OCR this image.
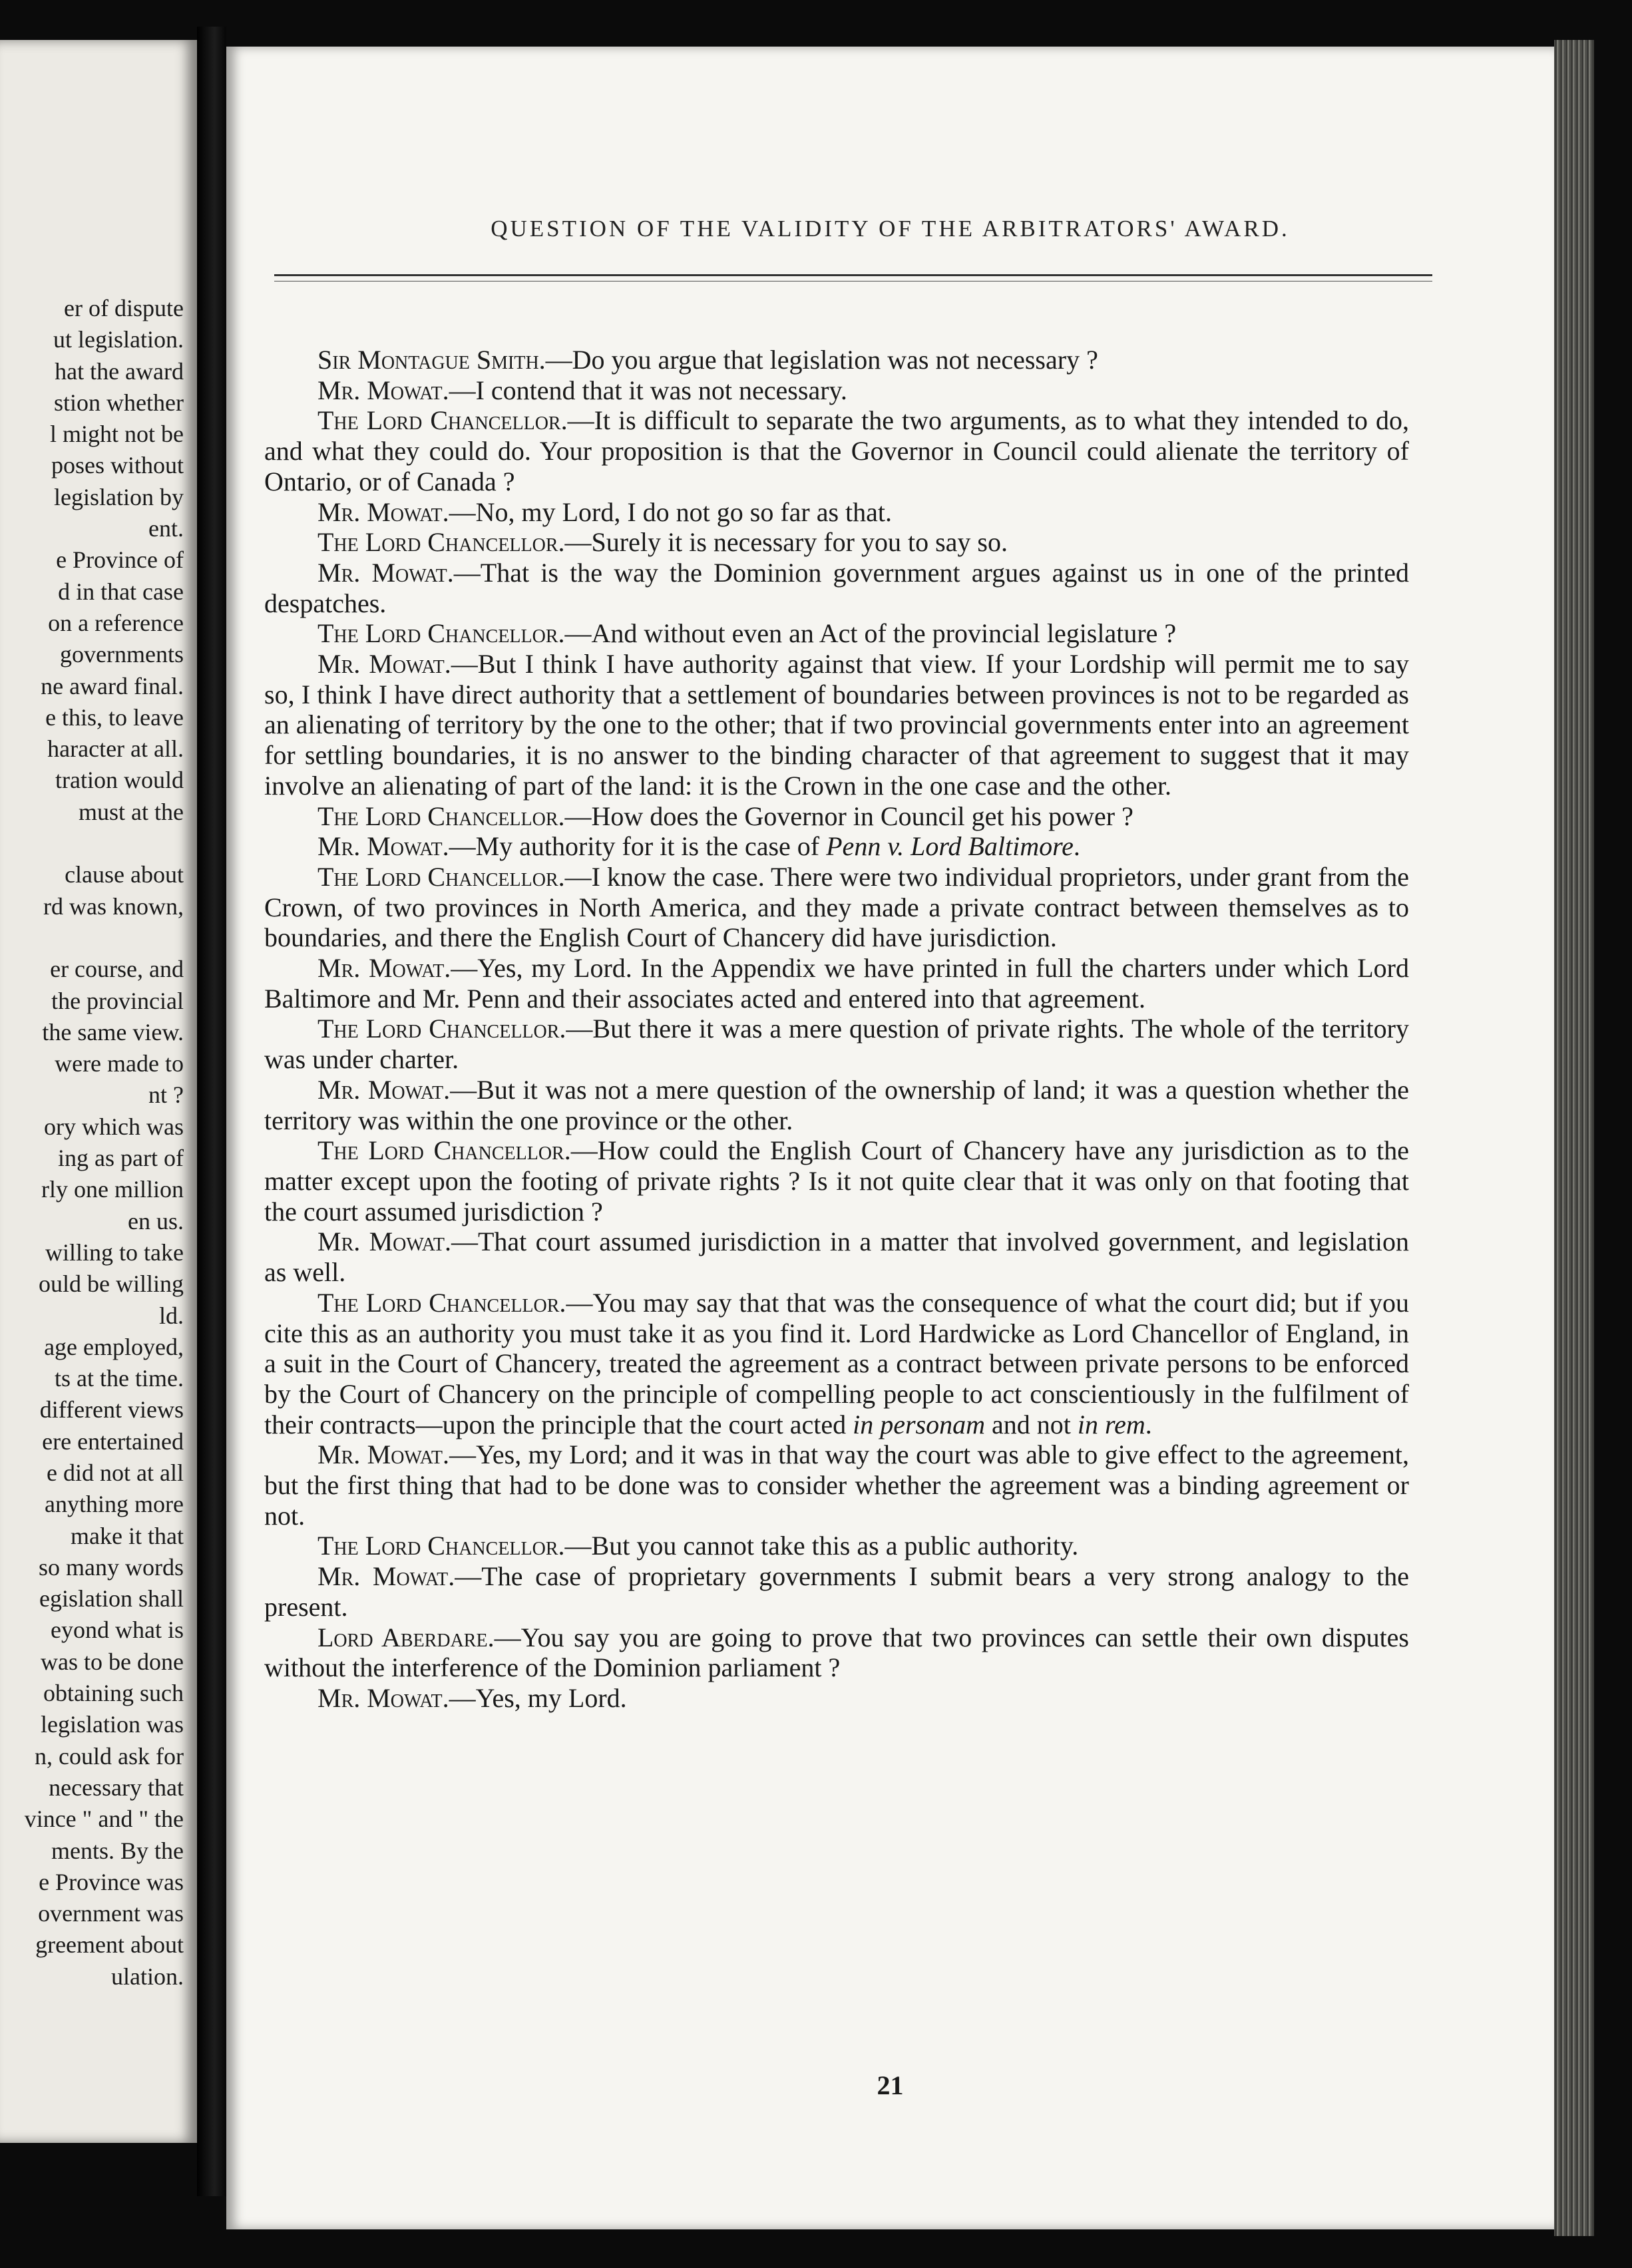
er of dispute
ut legislation.
hat the award
stion whether
l might not be
poses without
legislation by
ent.
e Province of
d in that case
on a reference
governments
ne award final.
e this, to leave
haracter at all.
tration would
must at the

clause about
rd was known,

er course, and
the provincial
the same view.
were made to
nt ?
ory which was
ing as part of
rly one million
en us.
willing to take
ould be willing
ld.
age employed,
ts at the time.
different views
ere entertained
e did not at all
anything more
make it that
so many words
egislation shall
eyond what is
was to be done
obtaining such
legislation was
n, could ask for
necessary that
vince " and " the
ments. By the
e Province was
overnment was
greement about
ulation.
QUESTION OF THE VALIDITY OF THE ARBITRATORS' AWARD.

Sir Montague Smith.—Do you argue that legislation was not necessary ?

Mr. Mowat.—I contend that it was not necessary.

The Lord Chancellor.—It is difficult to separate the two arguments, as to what they intended to do, and what they could do. Your proposition is that the Governor in Council could alienate the territory of Ontario, or of Canada ?

Mr. Mowat.—No, my Lord, I do not go so far as that.

The Lord Chancellor.—Surely it is necessary for you to say so.

Mr. Mowat.—That is the way the Dominion government argues against us in one of the printed despatches.

The Lord Chancellor.—And without even an Act of the provincial legislature ?

Mr. Mowat.—But I think I have authority against that view. If your Lordship will permit me to say so, I think I have direct authority that a settlement of boundaries between provinces is not to be regarded as an alienating of territory by the one to the other; that if two provincial governments enter into an agreement for settling boundaries, it is no answer to the binding character of that agreement to suggest that it may involve an alienating of part of the land: it is the Crown in the one case and the other.

The Lord Chancellor.—How does the Governor in Council get his power ?

Mr. Mowat.—My authority for it is the case of Penn v. Lord Baltimore.

The Lord Chancellor.—I know the case. There were two individual proprietors, under grant from the Crown, of two provinces in North America, and they made a private contract between themselves as to boundaries, and there the English Court of Chancery did have jurisdiction.

Mr. Mowat.—Yes, my Lord. In the Appendix we have printed in full the charters under which Lord Baltimore and Mr. Penn and their associates acted and entered into that agreement.

The Lord Chancellor.—But there it was a mere question of private rights. The whole of the territory was under charter.

Mr. Mowat.—But it was not a mere question of the ownership of land; it was a question whether the territory was within the one province or the other.

The Lord Chancellor.—How could the English Court of Chancery have any jurisdiction as to the matter except upon the footing of private rights ? Is it not quite clear that it was only on that footing that the court assumed jurisdiction ?

Mr. Mowat.—That court assumed jurisdiction in a matter that involved government, and legislation as well.

The Lord Chancellor.—You may say that that was the consequence of what the court did; but if you cite this as an authority you must take it as you find it. Lord Hardwicke as Lord Chancellor of England, in a suit in the Court of Chancery, treated the agreement as a contract between private persons to be enforced by the Court of Chancery on the principle of compelling people to act conscientiously in the fulfilment of their contracts—upon the principle that the court acted in personam and not in rem.

Mr. Mowat.—Yes, my Lord; and it was in that way the court was able to give effect to the agreement, but the first thing that had to be done was to consider whether the agreement was a binding agreement or not.

The Lord Chancellor.—But you cannot take this as a public authority.

Mr. Mowat.—The case of proprietary governments I submit bears a very strong analogy to the present.

Lord Aberdare.—You say you are going to prove that two provinces can settle their own disputes without the interference of the Dominion parliament ?

Mr. Mowat.—Yes, my Lord.

21
